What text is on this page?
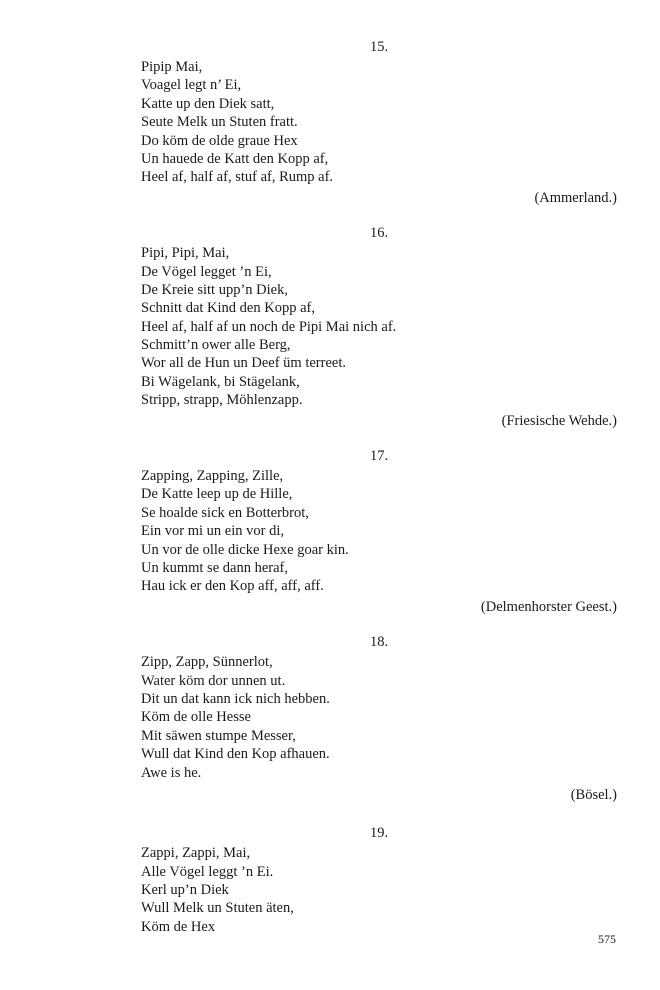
15.
Pipip Mai,
Voagel legt n’ Ei,
Katte up den Diek satt,
Seute Melk un Stuten fratt.
Do köm de olde graue Hex
Un hauede de Katt den Kopp af,
Heel af, half af, stuf af, Rump af.
(Ammerland.)
16.
Pipi, Pipi, Mai,
De Vögel legget ’n Ei,
De Kreie sitt upp’n Diek,
Schnitt dat Kind den Kopp af,
Heel af, half af un noch de Pipi Mai nich af.
Schmitt’n ower alle Berg,
Wor all de Hun un Deef üm terreet.
Bi Wägelank, bi Stägelank,
Stripp, strapp, Möhlenzapp.
(Friesische Wehde.)
17.
Zapping, Zapping, Zille,
De Katte leep up de Hille,
Se hoalde sick en Botterbrot,
Ein vor mi un ein vor di,
Un vor de olle dicke Hexe goar kin.
Un kummt se dann heraf,
Hau ick er den Kop aff, aff, aff.
(Delmenhorster Geest.)
18.
Zipp, Zapp, Sünnerlot,
Water köm dor unnen ut.
Dit un dat kann ick nich hebben.
Köm de olle Hesse
Mit säwen stumpe Messer,
Wull dat Kind den Kop afhauen.
Awe is he.
(Bösel.)
19.
Zappi, Zappi, Mai,
Alle Vögel leggt ’n Ei.
Kerl up’n Diek
Wull Melk un Stuten äten,
Köm de Hex
575
